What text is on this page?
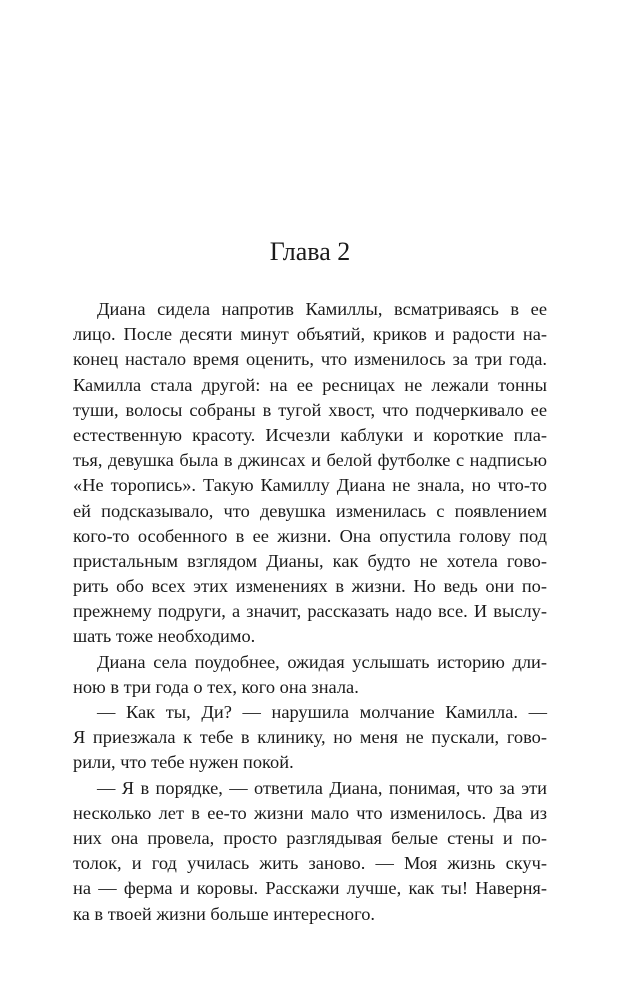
Глава 2

Диана сидела напротив Камиллы, всматриваясь в ее
лицо. После десяти минут объятий, криков и радости на-
конец настало время оценить, что изменилось за три года.
Камилла стала другой: на ее ресницах не лежали тонны
туши, волосы собраны в тугой хвост, что подчеркивало ее
естественную красоту. Исчезли каблуки и короткие пла-
тья, девушка была в джинсах и белой футболке с надписью
«Не торопись». Такую Камиллу Диана не знала, но что-то
ей подсказывало, что девушка изменилась с появлением
кого-то особенного в ее жизни. Она опустила голову под
пристальным взглядом Дианы, как будто не хотела гово-
рить обо всех этих изменениях в жизни. Но ведь они по-
прежнему подруги, а значит, рассказать надо все. И выслу-
шать тоже необходимо.

Диана села поудобнее, ожидая услышать историю дли-
ною в три года о тех, кого она знала.

— Как ты, Ди? — нарушила молчание Камилла. —
Я приезжала к тебе в клинику, но меня не пускали, гово-
рили, что тебе нужен покой.

— Я в порядке, — ответила Диана, понимая, что за эти
несколько лет в ее-то жизни мало что изменилось. Два из
них она провела, просто разглядывая белые стены и по-
толок, и год училась жить заново. — Моя жизнь скуч-
на — ферма и коровы. Расскажи лучше, как ты! Наверня-
ка в твоей жизни больше интересного.
